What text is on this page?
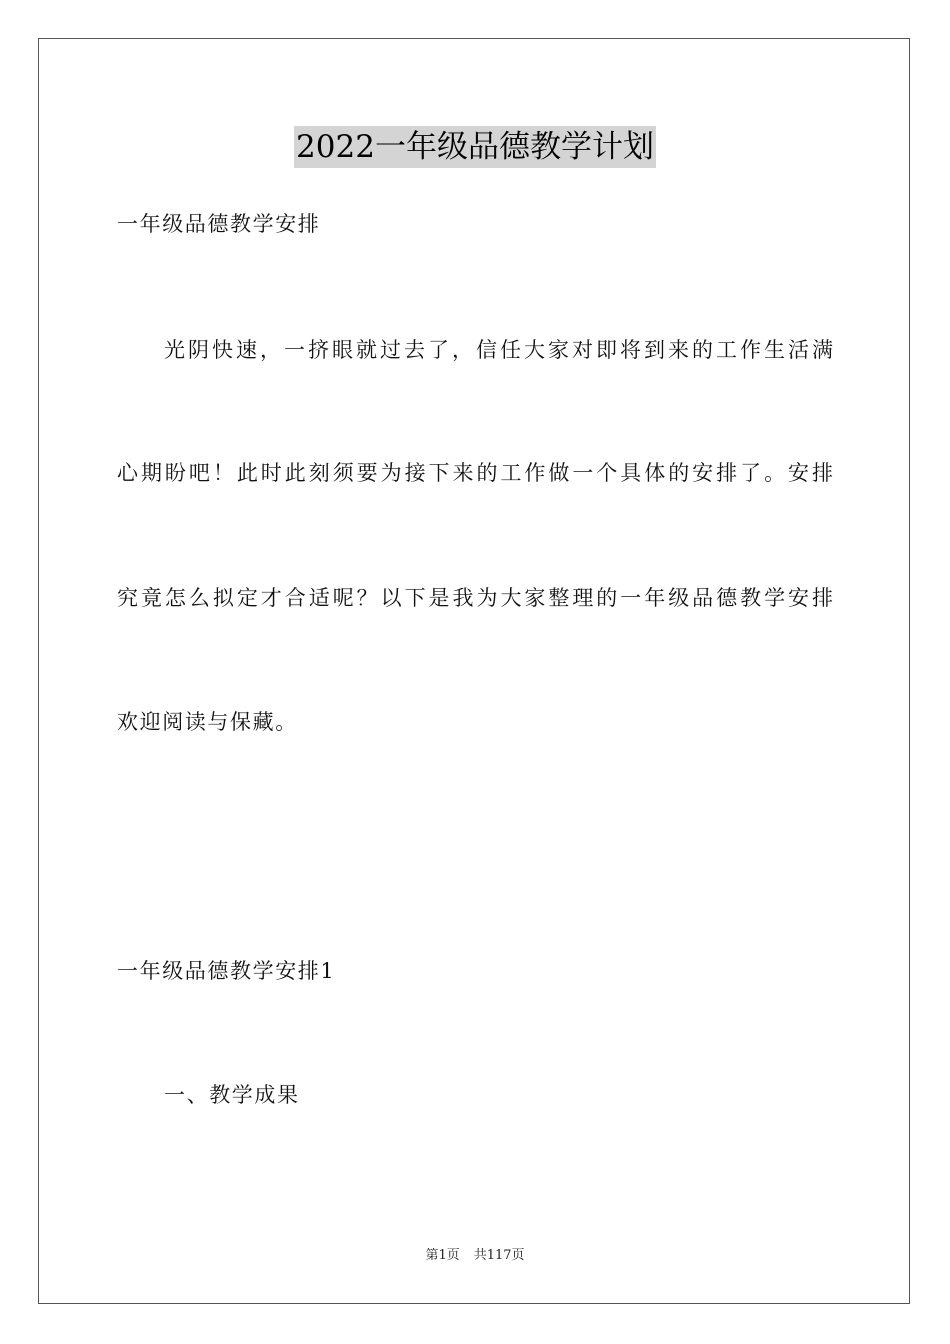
2022一年级品德教学计划
一年级品德教学安排
光阴快速，一挤眼就过去了，信任大家对即将到来的工作生活满
心期盼吧！此时此刻须要为接下来的工作做一个具体的安排了。安排
究竟怎么拟定才合适呢？以下是我为大家整理的一年级品德教学安排
欢迎阅读与保藏。
一年级品德教学安排1
一、教学成果
第1页 共117页
